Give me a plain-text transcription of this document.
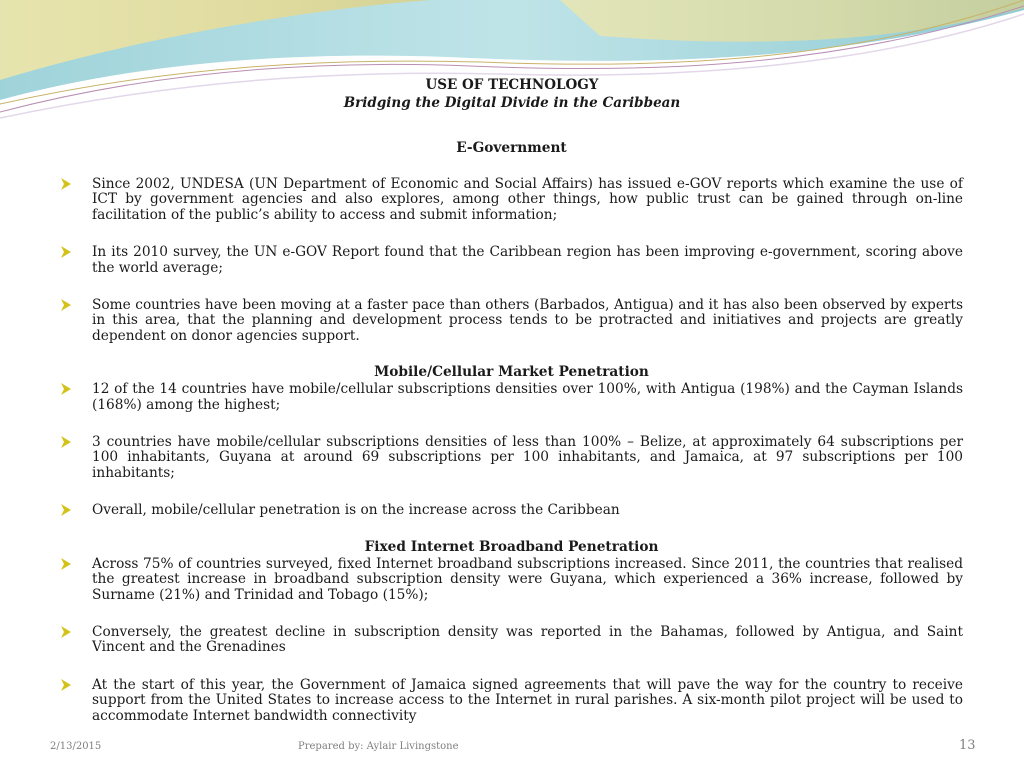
USE OF TECHNOLOGY
Bridging the Digital Divide in the Caribbean
E-Government
Since 2002, UNDESA (UN Department of Economic and Social Affairs) has issued e-GOV reports which examine the use of ICT by government agencies and also explores, among other things, how public trust can be gained through on-line facilitation of the public’s ability to access and submit information;
In its 2010 survey, the UN e-GOV Report found that the Caribbean region has been improving e-government, scoring above the world average;
Some countries have been moving at a faster pace than others (Barbados, Antigua) and it has also been observed by experts in this area, that the planning and development process tends to be protracted and initiatives and projects are greatly dependent on donor agencies support.
Mobile/Cellular Market Penetration
12 of the 14 countries have mobile/cellular subscriptions densities over 100%, with Antigua (198%) and the Cayman Islands (168%) among the highest;
3 countries have mobile/cellular subscriptions densities of less than 100% – Belize, at approximately 64 subscriptions per 100 inhabitants, Guyana at around 69 subscriptions per 100 inhabitants, and Jamaica, at 97 subscriptions per 100 inhabitants;
Overall, mobile/cellular penetration is on the increase across the Caribbean
Fixed Internet Broadband Penetration
Across 75% of countries surveyed, fixed Internet broadband subscriptions increased. Since 2011, the countries that realised the greatest increase in broadband subscription density were Guyana, which experienced a 36% increase, followed by Surname (21%) and Trinidad and Tobago (15%);
Conversely, the greatest decline in subscription density was reported in the Bahamas, followed by Antigua, and Saint Vincent and the Grenadines
At the start of this year, the Government of Jamaica signed agreements that will pave the way for the country to receive support from the United States to increase access to the Internet in rural parishes. A six-month pilot project will be used to accommodate Internet bandwidth connectivity
2/13/2015	Prepared by: Aylair Livingstone	13
